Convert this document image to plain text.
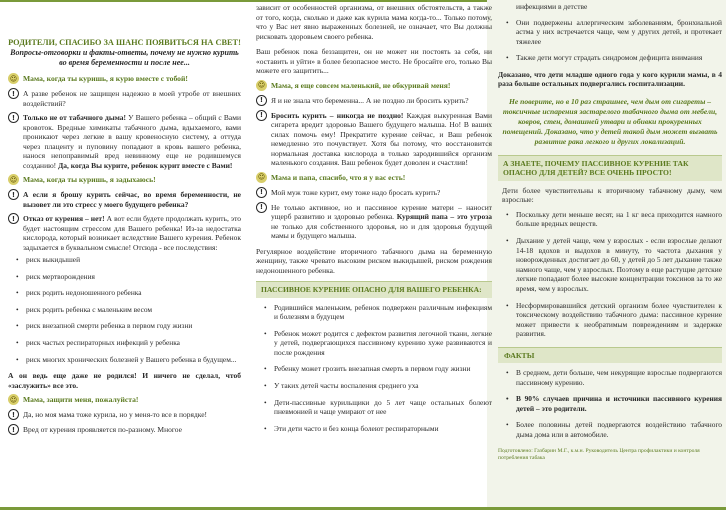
РОДИТЕЛИ, СПАСИБО ЗА ШАНС ПОЯВИТЬСЯ НА СВЕТ!

Вопросы-отговорки и факты-ответы, почему не нужно курить во время беременности и после нее...

☺ Мама, когда ты куришь, я курю вместе с тобой!
!	А разве ребенок не защищен надежно в моей утробе от внешних воздействий?
!	Только не от табачного дыма! У Вашего ребенка – общий с Вами кровоток. Вредные химикаты табачного дыма, вдыхаемого, вами проникают через легкие в вашу кровеносную систему, а оттуда через плаценту и пуповину попадают в кровь вашего ребенка, нанося непоправимый вред невинному еще не родившемуся созданию! Да, когда Вы курите, ребенок курит вместе с Вами!
☺ Мама, когда ты куришь, я задыхаюсь!
!	А если я брошу курить сейчас, во время беременности, не вызовет ли это стресс у моего будущего ребенка?
!	Отказ от курения – нет! А вот если будете продолжать курить, это будет настоящим стрессом для Вашего ребенка! Из-за недостатка кислорода, который возникает вследствие Вашего курения. Ребенок задыхается в буквальном смысле! Отсюда - все последствия:
• риск выкидышей
• риск мертворождения
• риск родить недоношенного ребенка
• риск родить ребенка с маленьким весом
• риск внезапной смерти ребенка в первом году жизни
• риск частых респираторных инфекций у ребенка
• риск многих хронических болезней у Вашего ребенка в будущем...

А он ведь еще даже не родился! И ничего не сделал, чтоб «заслужить» все это.

☺ Мама, защити меня, пожалуйста!
!	Да, но моя мама тоже курила, но у меня-то все в порядке!
!	Вред от курения проявляется по-разному. Многое

зависит от особенностей организма, от внешних обстоятельств, а также от того, когда, сколько и даже как курила мама когда-то... Только потому, что у Вас нет явно выраженных болезней, не означает, что Вы должны рисковать здоровьем своего ребенка.

Ваш ребенок пока беззащитен, он не может ни постоять за себя, ни «оставить и уйти» в более безопасное место. Не бросайте его, только Вы можете его защитить...

☺ Мама, я еще совсем маленький, не обкуривай меня!
!	Я и не знала что беременна... А не поздно ли бросить курить?
!	Бросить курить – никогда не поздно! Каждая выкуренная Вами сигарета вредит здоровью Вашего будущего малыша. Но! В ваших силах помочь ему! Прекратите курение сейчас, и Ваш ребенок немедленно это почувствует. Хотя бы потому, что восстановится нормальная доставка кислорода в только зародившийся организм маленького создания. Ваш ребенок будет доволен и счастлив!
☺ Мама и папа, спасибо, что я у вас есть!
!	Мой муж тоже курит, ему тоже надо бросать курить?
!	Не только активное, но и пассивное курение матери – наносит ущерб развитию и здоровью ребенка. Курящий папа – это угроза не только для собственного здоровья, но и для здоровья будущей мамы и будущего малыша.

Регулярное воздействие вторичного табачного дыма на беременную женщину, также чревато высоким риском выкидышей, риском рождения недоношенного ребенка.

ПАССИВНОЕ КУРЕНИЕ ОПАСНО ДЛЯ ВАШЕГО РЕБЕНКА:
• Родившийся маленьким, ребенок подвержен различным инфекциям и болезням в будущем
• Ребенок может родится с дефектом развития легочной ткани, легкие у детей, подвергающихся пассивному курению хуже развиваются и после рождения
• Ребенку может грозить внезапная смерть в первом году жизни
• У таких детей часты воспаления среднего уха
• Дети-пассивные курильщики до 5 лет чаще остальных болеют пневмонией и чаще умирают от нее
• Эти дети часто и без конца болеют респираторными

инфекциями в детстве

• Они подвержены аллергическим заболеваниям, бронхиальной астма у них встречается чаще, чем у других детей, и протекает тяжелее
• Также дети могут страдать синдромом дефицита внимания

Доказано, что дети младше одного года у кого курили мамы, в 4 раза больше остальных подвергались госпитализации.

Не поверите, но в 10 раз страшнее, чем дым от сигареты – токсичные испарения застарелого табачного дыма от мебели, ковров, стен, домашней утвари и обивки прокуренных помещений. Доказано, что у детей такой дым может вызвать развитие рака легкого и других локализаций.

А ЗНАЕТЕ, ПОЧЕМУ ПАССИВНОЕ КУРЕНИЕ ТАК ОПАСНО ДЛЯ ДЕТЕЙ? ВСЕ ОЧЕНЬ ПРОСТО!

Дети более чувствительны к вторичному табачному дыму, чем взрослые:

• Поскольку дети меньше весят, на 1 кг веса приходится намного больше вредных веществ.
• Дыхание у детей чаще, чем у взрослых - если взрослые делают 14-18 вдохов и выдохов в минуту, то частота дыхания у новорожденных достигает до 60, у детей до 5 лет дыхание также намного чаще, чем у взрослых. Поэтому в еще растущие детские легкие попадают более высокие концентрации токсинов за то же время, чем у взрослых.
• Несформировавшийся детский организм более чувствителен к токсическому воздействию табачного дыма: пассивное курение может привести к необратимым повреждениям и задержке развития.
ФАКТЫ
• В среднем, дети больше, чем некурящие взрослые подвергаются пассивному курению.
• В 90% случаев причина и источники пассивного курения детей – это родители.
• Более половины детей подвергаются воздействию табачного дыма дома или в автомобиле.

Подготовлено: Газбарин М.Г., к.м.н. Руководитель Центра профилактики и контроля потребления табака
